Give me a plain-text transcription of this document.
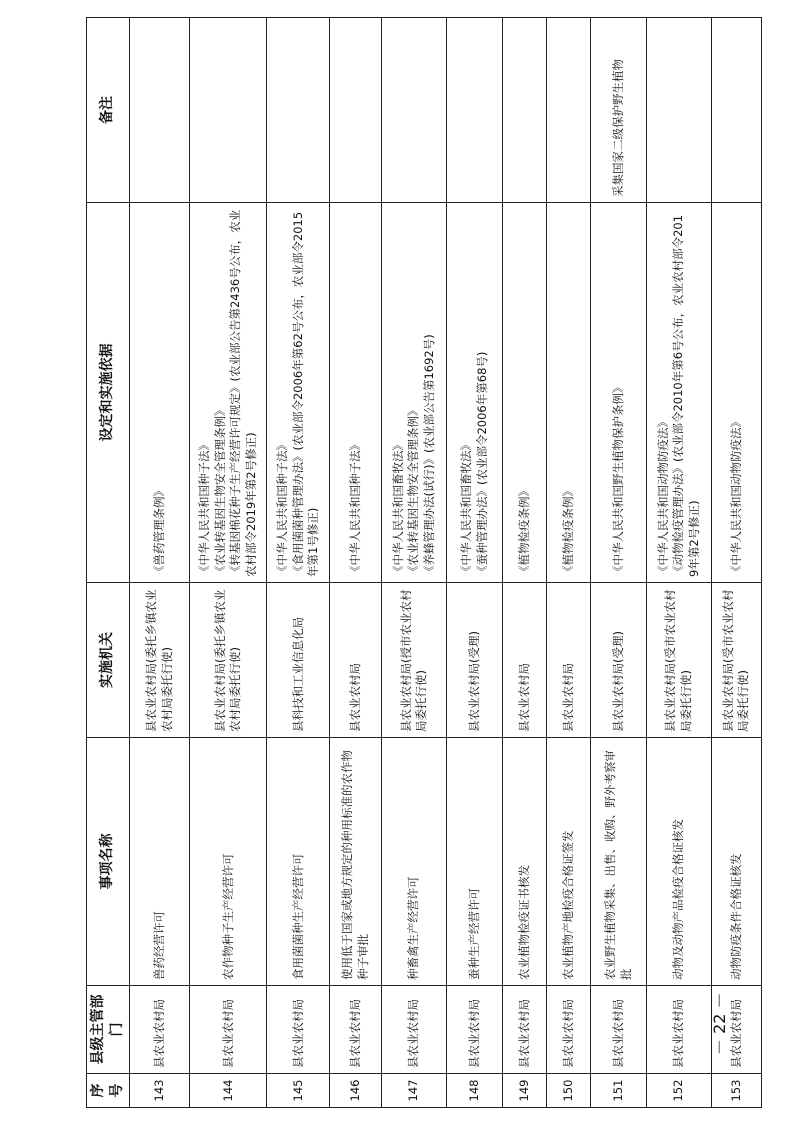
序号	县级主管部门	事项名称	实施机关	设定和实施依据	备注
143	县农业农村局	兽药经营许可	县农业农村局(委托乡镇农业农村局委托行使)	《兽药管理条例》	

144	县农业农村局	农作物种子生产经营许可	县农业农村局(委托乡镇农业农村局委托行使)	《中华人民共和国种子法》 《农业转基因生物安全管理条例》 《转基因棉花种子生产经营许可规定》(农业部公告第2436号公布，农业农村部令2019年第2号修正)	

145	县农业农村局	食用菌菌种生产经营许可	县科技和工业信息化局	《中华人民共和国种子法》 《食用菌菌种管理办法》(农业部令2006年第62号公布，农业部令2015年第1号修正)	

146	县农业农村局	使用低于国家或地方规定的种用标准的农作物种子审批	县农业农村局	《中华人民共和国种子法》	

147	县农业农村局	种畜禽生产经营许可	县农业农村局(授市农业农村局委托行使)	《中华人民共和国畜牧法》 《农业转基因生物安全管理条例》 《养蜂管理办法(试行)》(农业部公告第1692号)	

148	县农业农村局	蚕种生产经营许可	县农业农村局(受理)	《中华人民共和国畜牧法》 《蚕种管理办法》(农业部令2006年第68号)	

149	县农业农村局	农业植物检疫证书核发	县农业农村局	《植物检疫条例》	

150	县农业农村局	农业植物产地检疫合格证签发	县农业农村局	《植物检疫条例》	

151	县农业农村局	农业野生植物采集、出售、收购、野外考察审批	县农业农村局(受理)	《中华人民共和国野生植物保护条例》	采集国家二级保护野生植物
152	县农业农村局	动物及动物产品检疫合格证核发	县农业农村局(受市农业农村局委托行使)	《中华人民共和国动物防疫法》 《动物检疫管理办法》(农业部令2010年第6号公布，农业农村部令2019年第2号修正)	

153	县农业农村局	动物防疫条件合格证核发	县农业农村局(受市农业农村局委托行使)	《中华人民共和国动物防疫法》	

－ 22 －
